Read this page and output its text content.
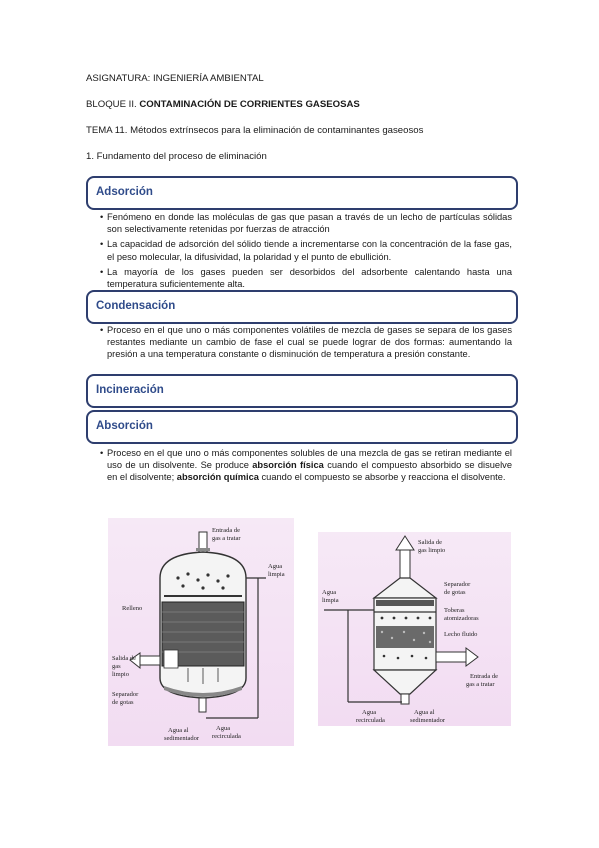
ASIGNATURA: INGENIERÍA AMBIENTAL
BLOQUE II. CONTAMINACIÓN DE CORRIENTES GASEOSAS
TEMA 11. Métodos extrínsecos para la eliminación de contaminantes gaseosos
1. Fundamento del proceso de eliminación
Adsorción
• Fenómeno en donde las moléculas de gas que pasan a través de un lecho de partículas sólidas son selectivamente retenidas por fuerzas de atracción
• La capacidad de adsorción del sólido tiende a incrementarse con la concentración de la fase gas, el peso molecular, la difusividad, la polaridad y el punto de ebullición.
• La mayoría de los gases pueden ser desorbidos del adsorbente calentando hasta una temperatura suficientemente alta.
Condensación
• Proceso en el que uno o más componentes volátiles de mezcla de gases se separa de los gases restantes mediante un cambio de fase el cual se puede lograr de dos formas: aumentando la presión a una temperatura constante o disminución de temperatura a presión constante.
Incineración
Absorción
• Proceso en el que uno o más componentes solubles de una mezcla de gas se retiran mediante el uso de un disolvente. Se produce absorción física cuando el compuesto absorbido se disuelve en el disolvente; absorción química cuando el compuesto se absorbe y reacciona el disolvente.
Entrada de
gas a tratar
Agua
limpia
Relleno
Salida de
gas
limpio
Separador
de gotas
Agua al
sedimentador
Agua
recirculada
Salida de
gas limpio
Agua
limpia
Separador
de gotas
Toberas
atomizadoras
Lecho fluido
Entrada de
gas a tratar
Agua
recirculada
Agua al
sedimentador
